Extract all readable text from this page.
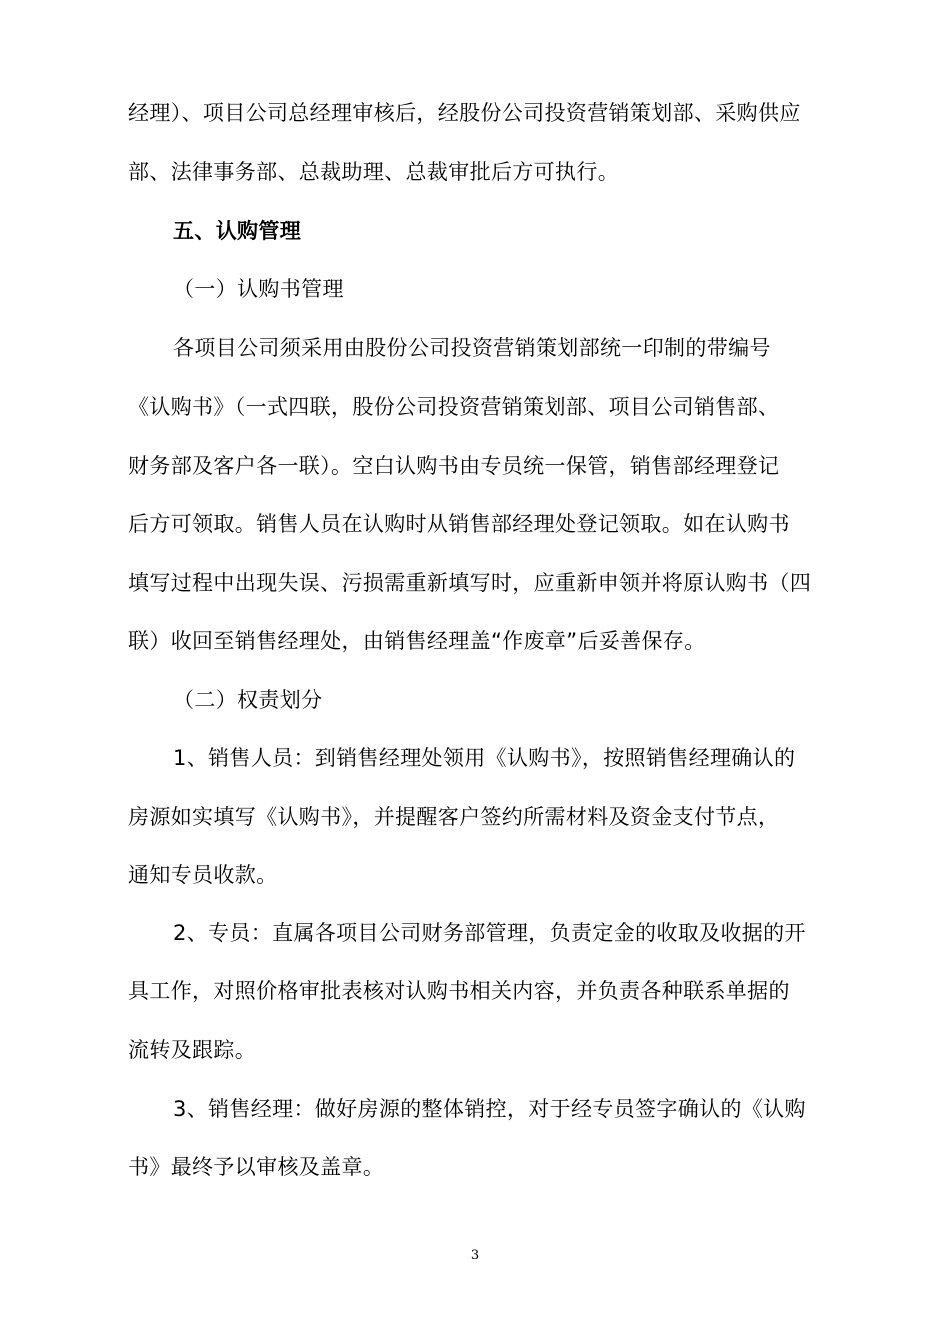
经理）、项目公司总经理审核后，经股份公司投资营销策划部、采购供应
部、法律事务部、总裁助理、总裁审批后方可执行。
五、认购管理
（一）认购书管理
各项目公司须采用由股份公司投资营销策划部统一印制的带编号
《认购书》（一式四联，股份公司投资营销策划部、项目公司销售部、
财务部及客户各一联）。空白认购书由专员统一保管，销售部经理登记
后方可领取。销售人员在认购时从销售部经理处登记领取。如在认购书
填写过程中出现失误、污损需重新填写时，应重新申领并将原认购书（四
联）收回至销售经理处，由销售经理盖“作废章”后妥善保存。
（二）权责划分
1、销售人员：到销售经理处领用《认购书》，按照销售经理确认的
房源如实填写《认购书》，并提醒客户签约所需材料及资金支付节点，
通知专员收款。
2、专员：直属各项目公司财务部管理，负责定金的收取及收据的开
具工作，对照价格审批表核对认购书相关内容，并负责各种联系单据的
流转及跟踪。
3、销售经理：做好房源的整体销控，对于经专员签字确认的《认购
书》最终予以审核及盖章。
3
